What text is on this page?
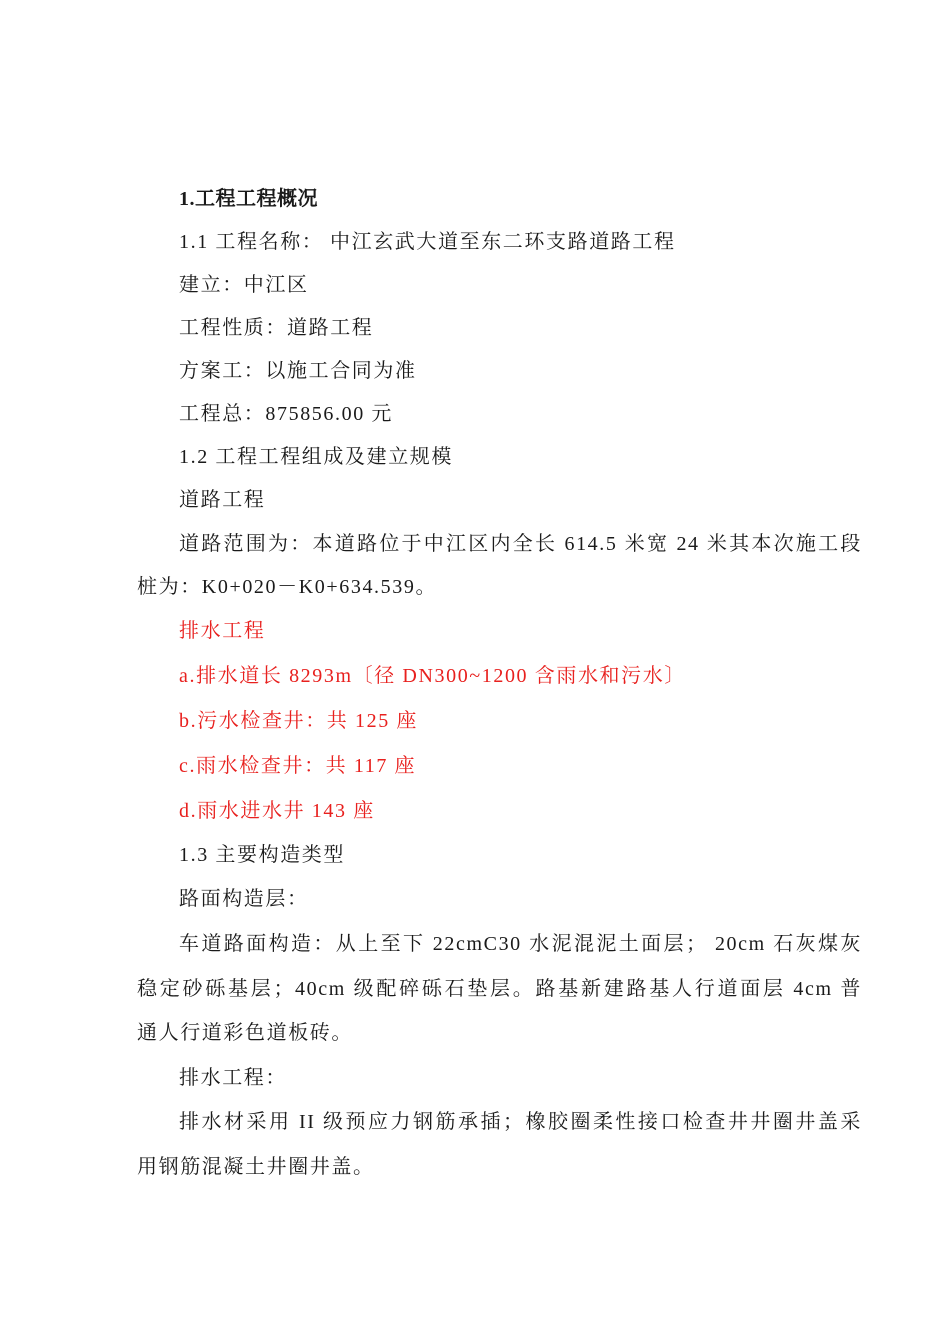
1.工程工程概况
1.1 工程名称： 中江玄武大道至东二环支路道路工程
建立：中江区
工程性质：道路工程
方案工：以施工合同为准
工程总：875856.00 元
1.2 工程工程组成及建立规模
道路工程
道路范围为：本道路位于中江区内全长 614.5 米宽 24 米其本次施工段
桩为：K0+020－K0+634.539。
排水工程
a.排水道长 8293m〔径 DN300~1200 含雨水和污水〕
b.污水检查井：共 125 座
c.雨水检查井：共 117 座
d.雨水进水井 143 座
1.3 主要构造类型
路面构造层：
车道路面构造：从上至下 22cmC30 水泥混泥土面层； 20cm 石灰煤灰
稳定砂砾基层；40cm 级配碎砾石垫层。路基新建路基人行道面层 4cm 普
通人行道彩色道板砖。
排水工程：
排水材采用 II 级预应力钢筋承插；橡胶圈柔性接口检查井井圈井盖采
用钢筋混凝土井圈井盖。
